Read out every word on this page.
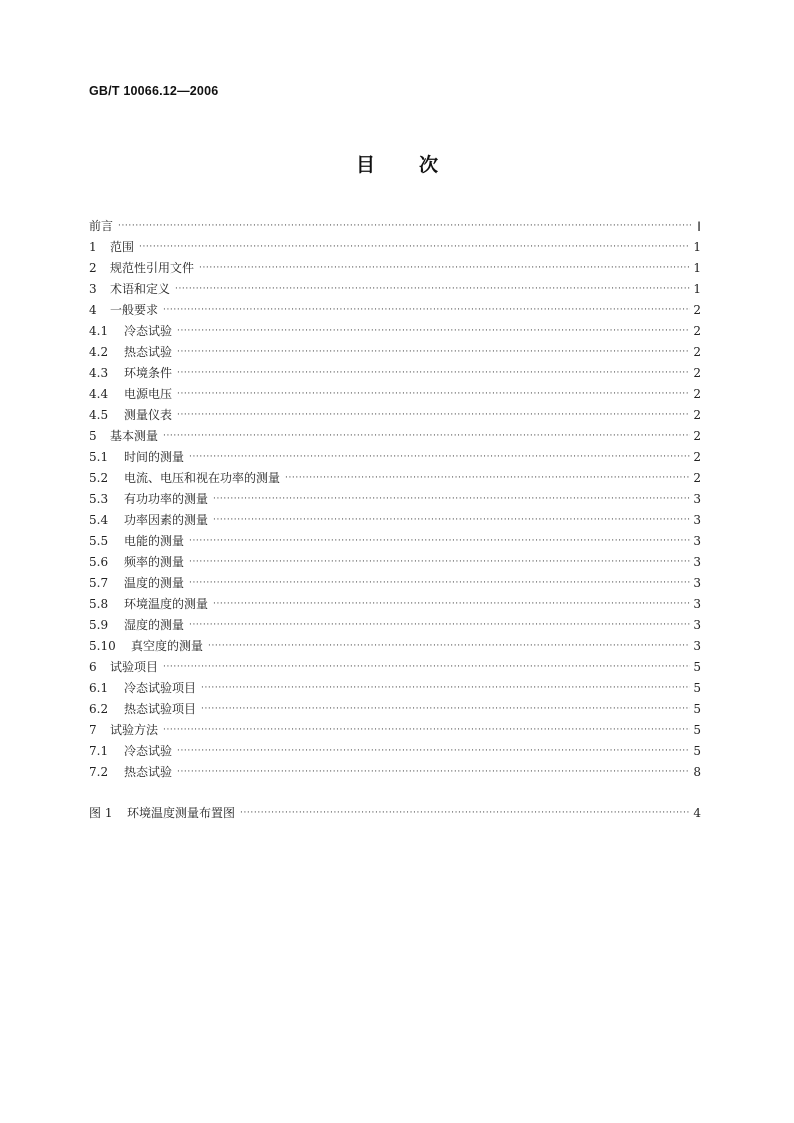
GB/T 10066.12—2006
目次
前言 ·····	Ⅰ
1	范围 ·····	1
2	规范性引用文件 ·····	1
3	术语和定义 ·····	1
4	一般要求 ·····	2
4.1	冷态试验 ·····	2
4.2	热态试验 ·····	2
4.3	环境条件 ·····	2
4.4	电源电压 ·····	2
4.5	测量仪表 ·····	2
5	基本测量 ·····	2
5.1	时间的测量 ·····	2
5.2	电流、电压和视在功率的测量 ·····	2
5.3	有功功率的测量 ·····	3
5.4	功率因素的测量 ·····	3
5.5	电能的测量 ·····	3
5.6	频率的测量 ·····	3
5.7	温度的测量 ·····	3
5.8	环境温度的测量 ·····	3
5.9	湿度的测量 ·····	3
5.10	真空度的测量 ·····	3
6	试验项目 ·····	5
6.1	冷态试验项目 ·····	5
6.2	热态试验项目 ·····	5
7	试验方法 ·····	5
7.1	冷态试验 ·····	5
7.2	热态试验 ·····	8
图 1	环境温度测量布置图 ·····	4
